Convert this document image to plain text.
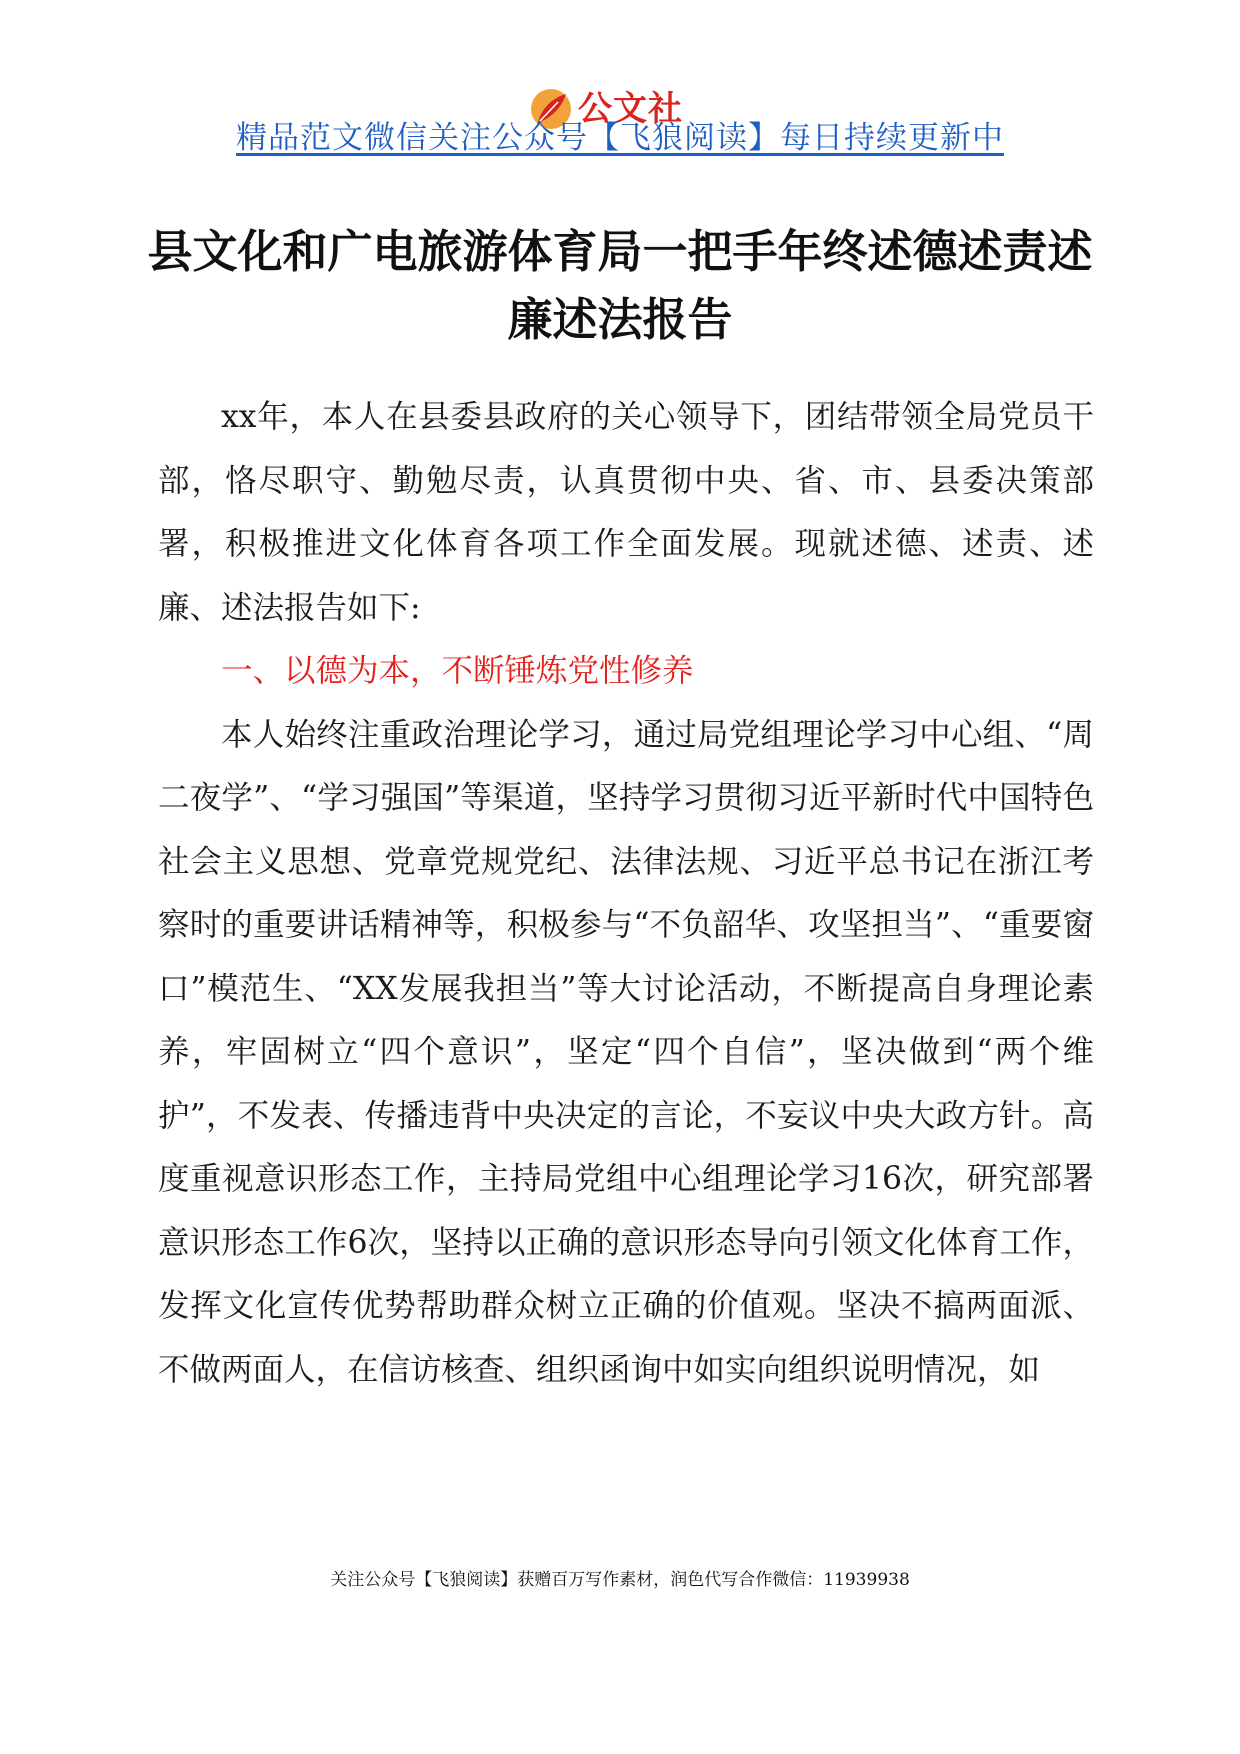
公文社
精品范文微信关注公众号【飞狼阅读】每日持续更新中
县文化和广电旅游体育局一把手年终述德述责述廉述法报告

xx年，本人在县委县政府的关心领导下，团结带领全局党员干部，恪尽职守、勤勉尽责，认真贯彻中央、省、市、县委决策部署，积极推进文化体育各项工作全面发展。现就述德、述责、述廉、述法报告如下:

一、以德为本，不断锤炼党性修养

本人始终注重政治理论学习，通过局党组理论学习中心组、“周二夜学”、“学习强国”等渠道，坚持学习贯彻习近平新时代中国特色社会主义思想、党章党规党纪、法律法规、习近平总书记在浙江考察时的重要讲话精神等，积极参与“不负韶华、攻坚担当”、“重要窗口”模范生、“XX发展我担当”等大讨论活动，不断提高自身理论素养，牢固树立“四个意识”，坚定“四个自信”，坚决做到“两个维护”，不发表、传播违背中央决定的言论，不妄议中央大政方针。高度重视意识形态工作，主持局党组中心组理论学习16次，研究部署意识形态工作6次，坚持以正确的意识形态导向引领文化体育工作，发挥文化宣传优势帮助群众树立正确的价值观。坚决不搞两面派、不做两面人，在信访核查、组织函询中如实向组织说明情况，如

关注公众号【飞狼阅读】获赠百万写作素材，润色代写合作微信：11939938
